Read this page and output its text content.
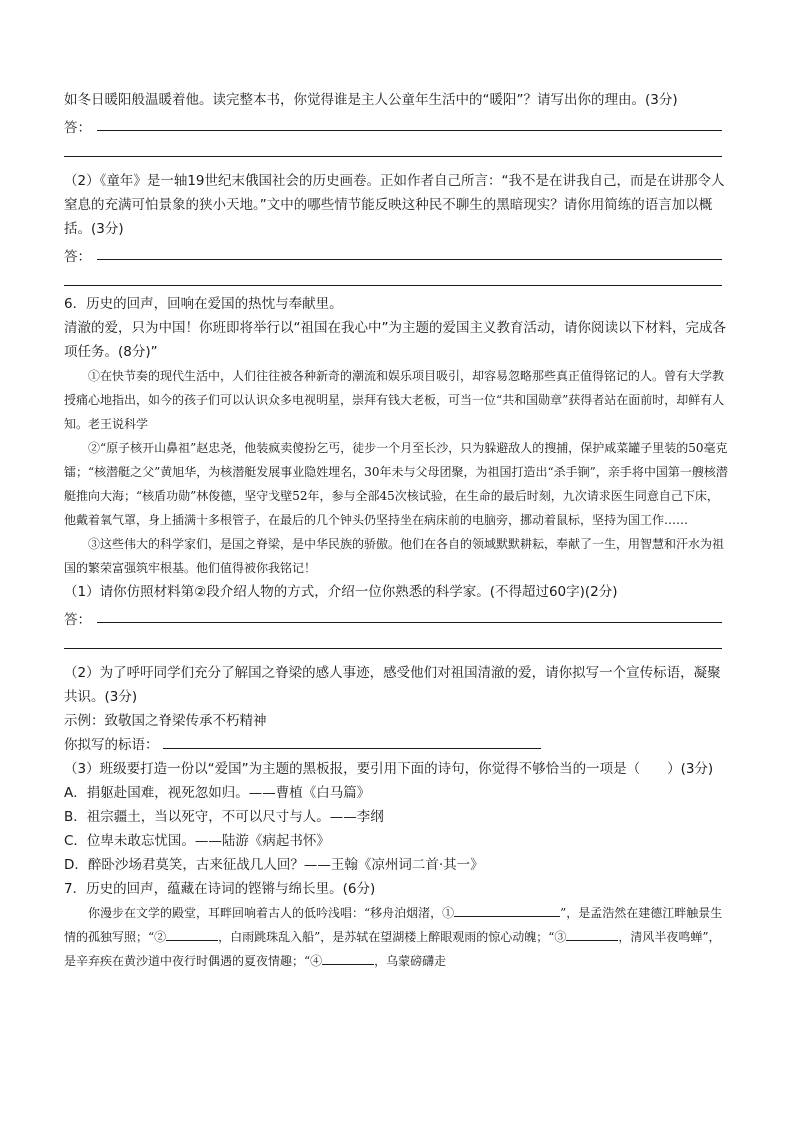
如冬日暖阳般温暖着他。读完整本书，你觉得谁是主人公童年生活中的“暖阳”？请写出你的理由。(3分)

答：

（2）《童年》是一轴19世纪末俄国社会的历史画卷。正如作者自己所言：“我不是在讲我自己，而是在讲那令人窒息的充满可怕景象的狭小天地。”文中的哪些情节能反映这种民不聊生的黑暗现实？请你用简练的语言加以概括。(3分)

答：

6．历史的回声，回响在爱国的热忱与奉献里。

清澈的爱，只为中国！你班即将举行以“祖国在我心中”为主题的爱国主义教育活动，请你阅读以下材料，完成各项任务。(8分)”

①在快节奏的现代生活中，人们往往被各种新奇的潮流和娱乐项目吸引，却容易忽略那些真正值得铭记的人。曾有大学教授痛心地指出，如今的孩子们可以认识众多电视明星，崇拜有钱大老板，可当一位“共和国勋章”获得者站在面前时，却鲜有人知。老王说科学

②“原子核开山鼻祖”赵忠尧，他装疯卖傻扮乞丐，徒步一个月至长沙，只为躲避敌人的搜捕，保护咸菜罐子里装的50毫克镭；“核潜艇之父”黄旭华，为核潜艇发展事业隐姓埋名，30年未与父母团聚，为祖国打造出“杀手锏”，亲手将中国第一艘核潜艇推向大海；“核盾功勋”林俊德，坚守戈壁52年，参与全部45次核试验，在生命的最后时刻，九次请求医生同意自己下床，他戴着氧气罩，身上插满十多根管子，在最后的几个钟头仍坚持坐在病床前的电脑旁，挪动着鼠标，坚持为国工作……

③这些伟大的科学家们，是国之脊梁，是中华民族的骄傲。他们在各自的领域默默耕耘，奉献了一生，用智慧和汗水为祖国的繁荣富强筑牢根基。他们值得被你我铭记！

（1）请你仿照材料第②段介绍人物的方式，介绍一位你熟悉的科学家。(不得超过60字)(2分)

答：

（2）为了呼吁同学们充分了解国之脊梁的感人事迹，感受他们对祖国清澈的爱，请你拟写一个宣传标语，凝聚共识。(3分)

示例：致敬国之脊梁传承不朽精神

你拟写的标语：

（3）班级要打造一份以“爱国”为主题的黑板报，要引用下面的诗句，你觉得不够恰当的一项是（　　）(3分)

A．捐躯赴国难，视死忽如归。——曹植《白马篇》

B．祖宗疆土，当以死守，不可以尺寸与人。——李纲

C．位卑未敢忘忧国。——陆游《病起书怀》

D．醉卧沙场君莫笑，古来征战几人回？——王翰《凉州词二首·其一》

7．历史的回声，蕴藏在诗词的铿锵与绵长里。(6分)

你漫步在文学的殿堂，耳畔回响着古人的低吟浅唱：“移舟泊烟渚，①	”，是孟浩然在建德江畔触景生情的孤独写照；“②	，白雨跳珠乱入船”，是苏轼在望湖楼上醉眼观雨的惊心动魄；“③	，清风半夜鸣蝉”，是辛弃疾在黄沙道中夜行时偶遇的夏夜情趣；“④	，乌蒙磅礴走
